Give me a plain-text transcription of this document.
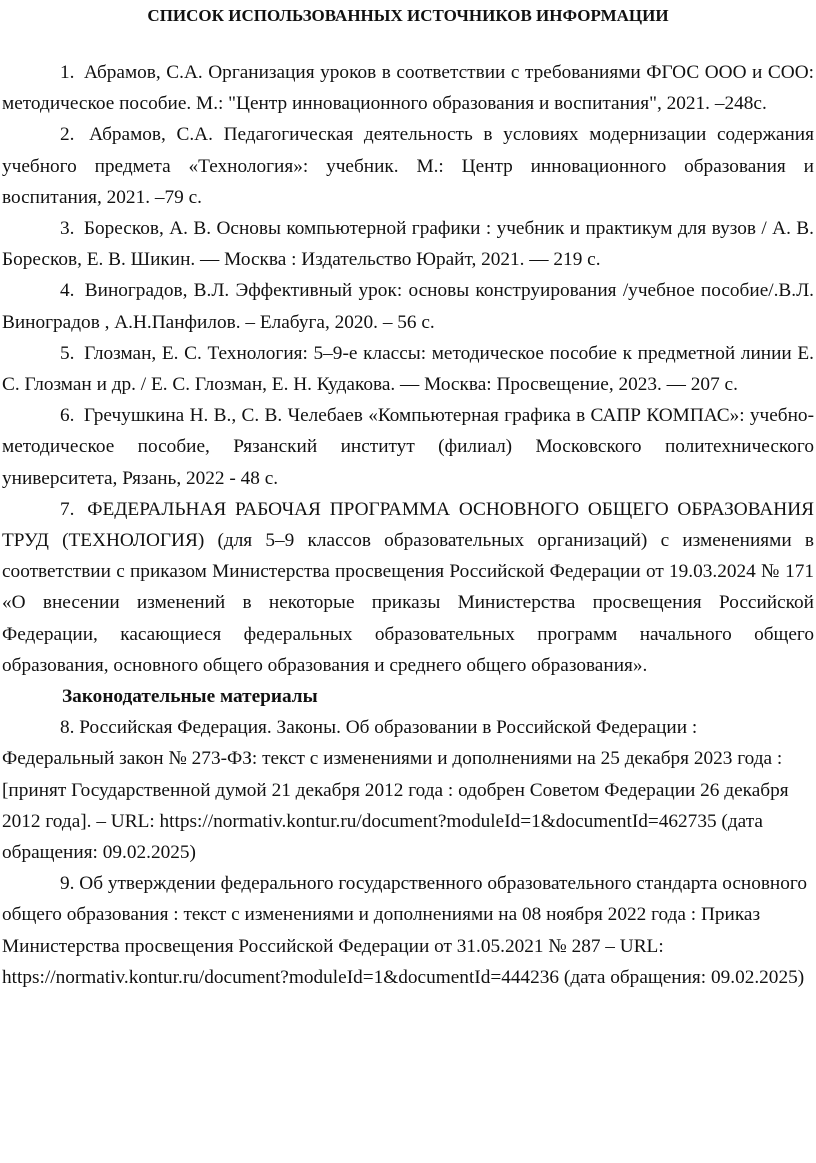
СПИСОК ИСПОЛЬЗОВАННЫХ ИСТОЧНИКОВ ИНФОРМАЦИИ

1. Абрамов, С.А. Организация уроков в соответствии с требованиями ФГОС ООО и СОО: методическое пособие. М.: "Центр инновационного образования и воспитания", 2021. –248с.

2. Абрамов, С.А. Педагогическая деятельность в условиях модернизации содержания учебного предмета «Технология»: учебник. М.: Центр инновационного образования и воспитания, 2021. –79 с.

3. Боресков, А. В. Основы компьютерной графики : учебник и практикум для вузов / А. В. Боресков, Е. В. Шикин. — Москва : Издательство Юрайт, 2021. — 219 с.

4. Виноградов, В.Л. Эффективный урок: основы конструирования /учебное пособие/.В.Л. Виноградов , А.Н.Панфилов. – Елабуга, 2020. – 56 с.

5. Глозман, Е. С. Технология: 5–9-е классы: методическое пособие к предметной линии Е. С. Глозман и др. / Е. С. Глозман, Е. Н. Кудакова. — Москва: Просвещение, 2023. — 207 с.

6. Гречушкина Н. В., С. В. Челебаев «Компьютерная графика в САПР КОМПАС»: учебно-методическое пособие, Рязанский институт (филиал) Московского политехнического университета, Рязань, 2022 - 48 с.

7. ФЕДЕРАЛЬНАЯ РАБОЧАЯ ПРОГРАММА ОСНОВНОГО ОБЩЕГО ОБРАЗОВАНИЯ ТРУД (ТЕХНОЛОГИЯ) (для 5–9 классов образовательных организаций) с изменениями в соответствии с приказом Министерства просвещения Российской Федерации от 19.03.2024 № 171 «О внесении изменений в некоторые приказы Министерства просвещения Российской Федерации, касающиеся федеральных образовательных программ начального общего образования, основного общего образования и среднего общего образования».

Законодательные материалы

8. Российская Федерация. Законы. Об образовании в Российской Федерации : Федеральный закон № 273-ФЗ: текст с изменениями и дополнениями на 25 декабря 2023 года : [принят Государственной думой 21 декабря 2012 года : одобрен Советом Федерации 26 декабря 2012 года]. – URL: https://normativ.kontur.ru/document?moduleId=1&documentId=462735 (дата обращения: 09.02.2025)

9. Об утверждении федерального государственного образовательного стандарта основного общего образования : текст с изменениями и дополнениями на 08 ноября 2022 года : Приказ Министерства просвещения Российской Федерации от 31.05.2021 № 287 – URL: https://normativ.kontur.ru/document?moduleId=1&documentId=444236 (дата обращения: 09.02.2025)
